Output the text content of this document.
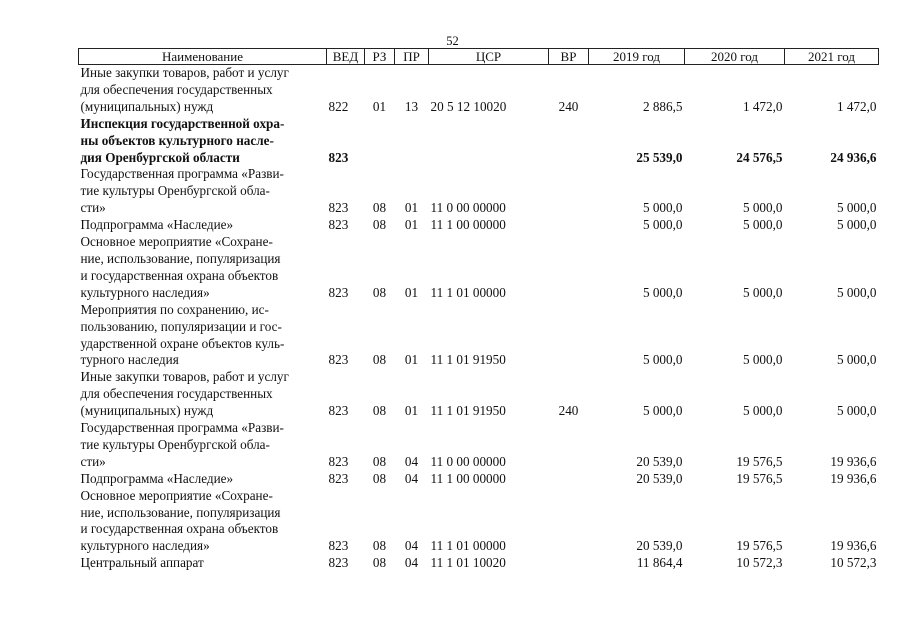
52
Наименование	ВЕД	РЗ	ПР	ЦСР	ВР	2019 год	2020 год	2021 год

Иные закупки товаров, работ и услуг
для обеспечения государственных
(муниципальных) нужд	822	01	13	20 5 12 10020	240	2 886,5	1 472,0	1 472,0

Инспекция государственной охра-
ны объектов культурного насле-
дия Оренбургской области	823					25 539,0	24 576,5	24 936,6

Государственная программа «Разви-
тие культуры Оренбургской обла-
сти»	823	08	01	11 0 00 00000		5 000,0	5 000,0	5 000,0

Подпрограмма «Наследие»	823	08	01	11 1 00 00000		5 000,0	5 000,0	5 000,0

Основное мероприятие «Сохране-
ние, использование, популяризация
и государственная охрана объектов
культурного наследия»	823	08	01	11 1 01 00000		5 000,0	5 000,0	5 000,0

Мероприятия по сохранению, ис-
пользованию, популяризации и гос-
ударственной охране объектов куль-
турного наследия	823	08	01	11 1 01 91950		5 000,0	5 000,0	5 000,0

Иные закупки товаров, работ и услуг
для обеспечения государственных
(муниципальных) нужд	823	08	01	11 1 01 91950	240	5 000,0	5 000,0	5 000,0

Государственная программа «Разви-
тие культуры Оренбургской обла-
сти»	823	08	04	11 0 00 00000		20 539,0	19 576,5	19 936,6

Подпрограмма «Наследие»	823	08	04	11 1 00 00000		20 539,0	19 576,5	19 936,6

Основное мероприятие «Сохране-
ние, использование, популяризация
и государственная охрана объектов
культурного наследия»	823	08	04	11 1 01 00000		20 539,0	19 576,5	19 936,6

Центральный аппарат	823	08	04	11 1 01 10020		11 864,4	10 572,3	10 572,3
